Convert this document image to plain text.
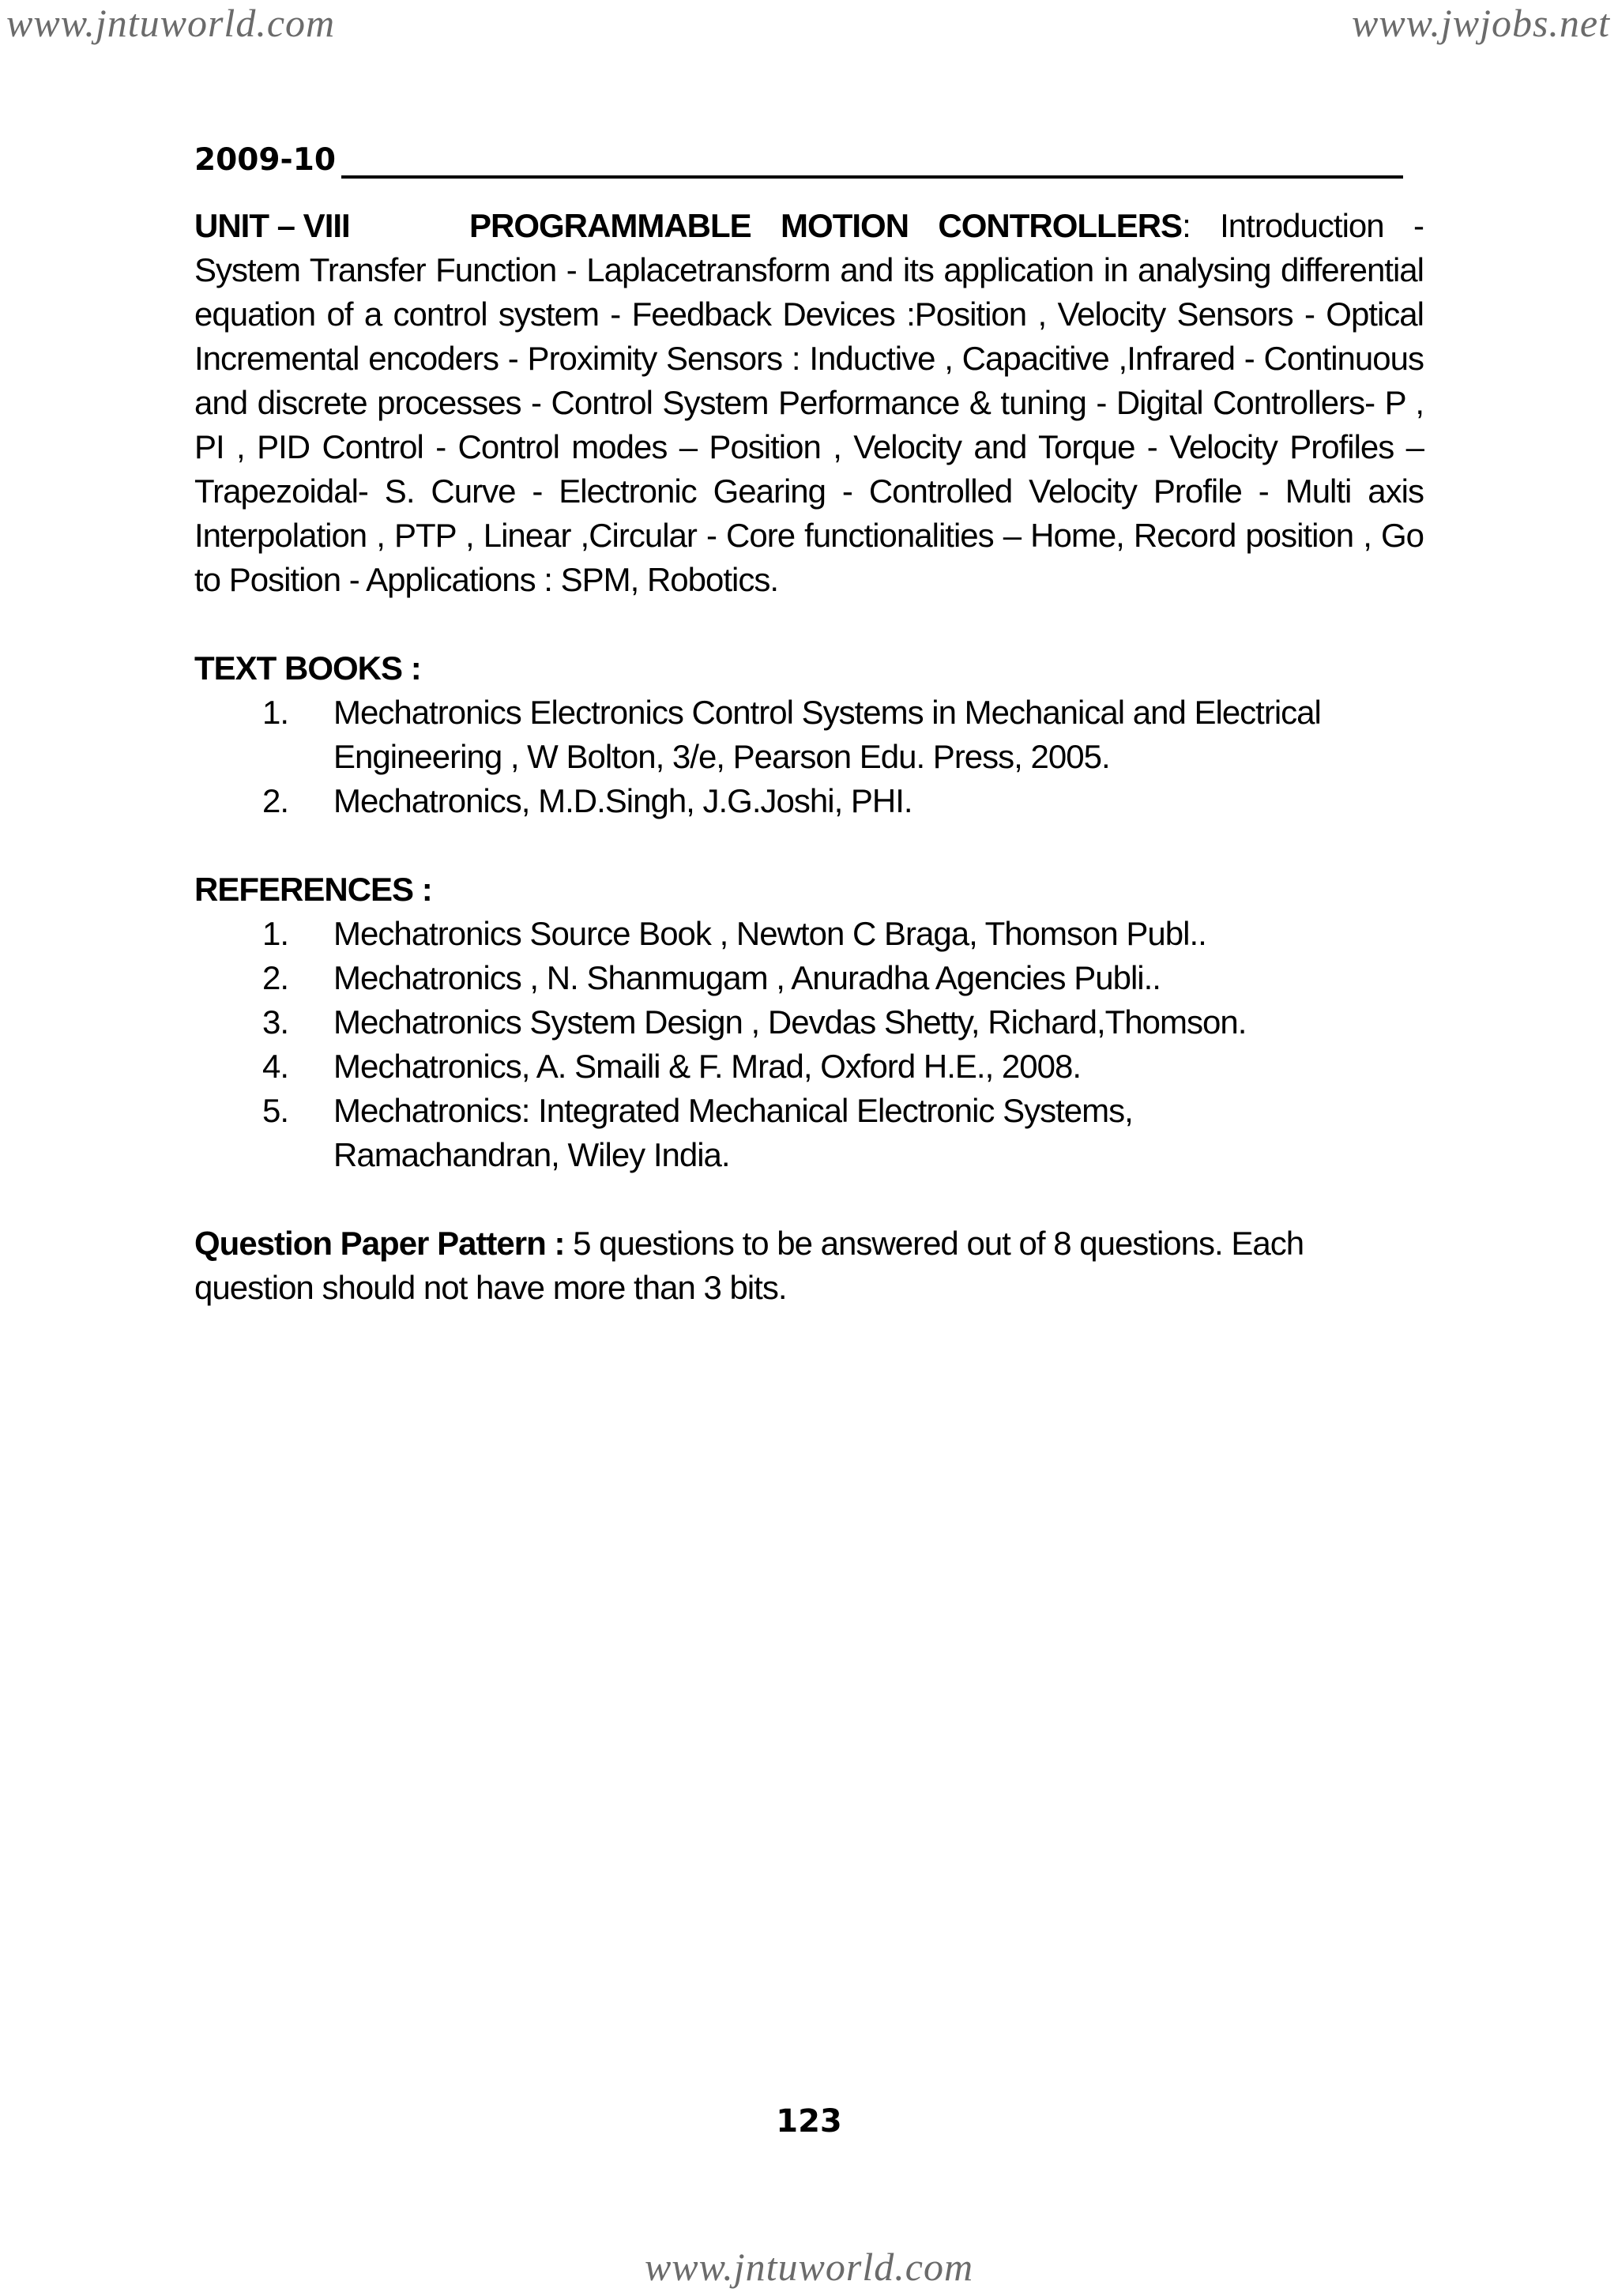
www.jntuworld.com	www.jwjobs.net
2009-10

UNIT – VIII	PROGRAMMABLE MOTION CONTROLLERS: Introduction - System Transfer Function - Laplacetransform and its application in analysing differential equation of a control system - Feedback Devices :Position , Velocity Sensors - Optical Incremental encoders - Proximity Sensors : Inductive , Capacitive ,Infrared - Continuous and discrete processes - Control System Performance & tuning - Digital Controllers- P , PI , PID Control - Control modes – Position , Velocity and Torque - Velocity Profiles – Trapezoidal- S. Curve - Electronic Gearing - Controlled Velocity Profile - Multi axis Interpolation , PTP , Linear ,Circular - Core functionalities – Home, Record position , Go to Position - Applications : SPM, Robotics.

TEXT BOOKS :
1.	Mechatronics Electronics Control Systems in Mechanical and Electrical Engineering , W Bolton, 3/e, Pearson Edu. Press, 2005.
2.	Mechatronics, M.D.Singh, J.G.Joshi, PHI.
REFERENCES :
1.	Mechatronics Source Book , Newton C Braga, Thomson Publ..
2.	Mechatronics , N. Shanmugam , Anuradha Agencies Publi..
3.	Mechatronics System Design , Devdas Shetty, Richard,Thomson.
4.	Mechatronics, A. Smaili & F. Mrad, Oxford H.E., 2008.
5.	Mechatronics: Integrated Mechanical Electronic Systems, Ramachandran, Wiley India.

Question Paper Pattern : 5 questions to be answered out of 8 questions. Each question should not have more than 3 bits.

123
www.jntuworld.com
